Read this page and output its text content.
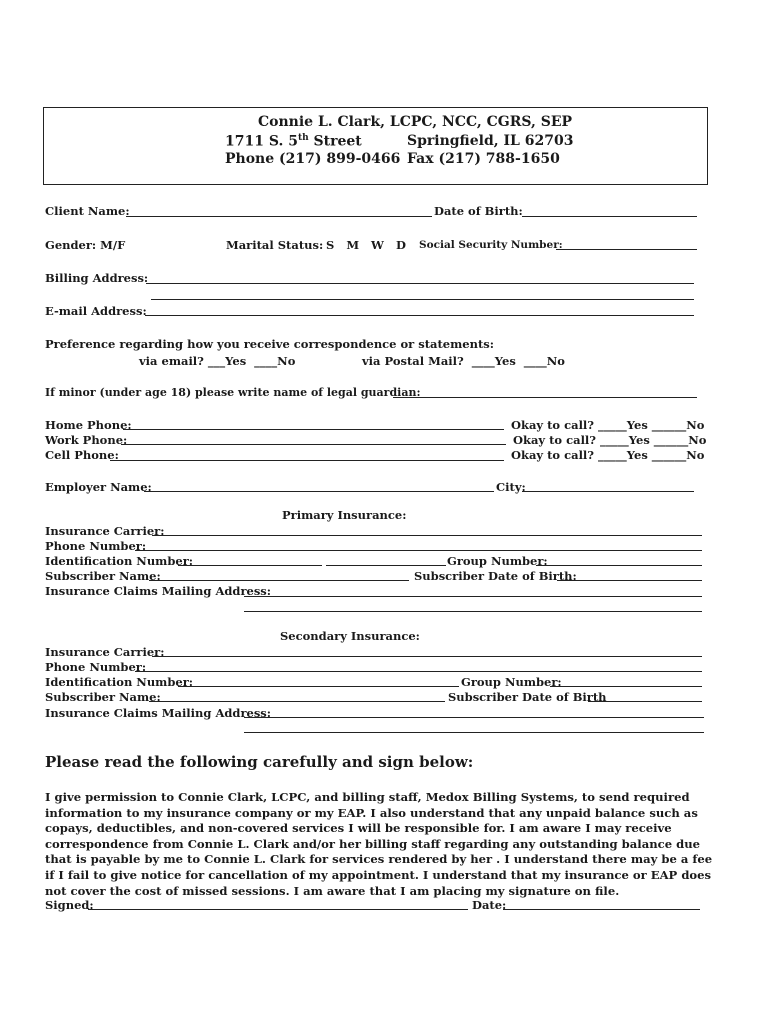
Connie L. Clark, LCPC, NCC, CGRS, SEP
1711 S. 5th Street	Springfield, IL 62703
Phone (217) 899-0466 Fax (217) 788-1650
Client Name:	Date of Birth:
Gender: M/F	Marital Status: S   M   W   D Social Security Number:
Billing Address:
E-mail Address:
Preference regarding how you receive correspondence or statements:
via email? ___Yes  ____No	via Postal Mail?  ____Yes  ____No
If minor (under age 18) please write name of legal guardian:
Home Phone:	Okay to call? _____Yes ______No
Work Phone:	Okay to call? _____Yes ______No
Cell Phone:	Okay to call? _____Yes ______No
Employer Name:	City:
Primary Insurance:
Insurance Carrier:
Phone Number:
Identification Number:	Group Number:
Subscriber Name:	Subscriber Date of Birth:
Insurance Claims Mailing Address:
Secondary Insurance:
Insurance Carrier:
Phone Number:
Identification Number:	Group Number:
Subscriber Name:	Subscriber Date of Birth
Insurance Claims Mailing Address:
Please read the following carefully and sign below:
I give permission to Connie Clark, LCPC, and billing staff, Medox Billing Systems, to send required information to my insurance company or my EAP. I also understand that any unpaid balance such as copays, deductibles, and non-covered services I will be responsible for. I am aware I may receive correspondence from Connie L. Clark and/or her billing staff regarding any outstanding balance due that is payable by me to Connie L. Clark for services rendered by her . I understand there may be a fee if I fail to give notice for cancellation of my appointment. I understand that my insurance or EAP does not cover the cost of missed sessions. I am aware that I am placing my signature on file.
Signed:	Date:
